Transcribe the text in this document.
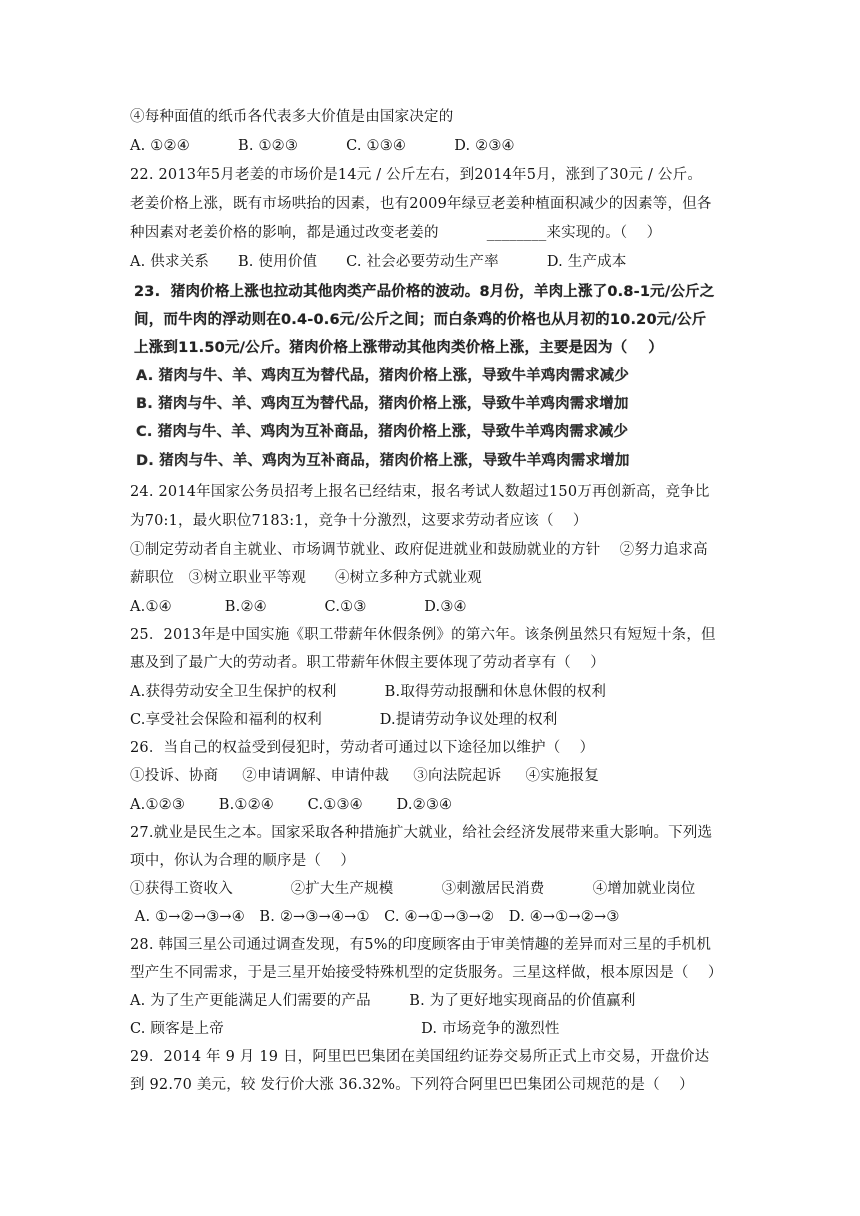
④每种面值的纸币各代表多大价值是由国家决定的
A. ①②④          B. ①②③          C. ①③④          D. ②③④
22. 2013年5月老姜的市场价是14元 / 公斤左右，到2014年5月，涨到了30元 / 公斤。
老姜价格上涨，既有市场哄抬的因素，也有2009年绿豆老姜种植面积减少的因素等，但各
种因素对老姜价格的影响，都是通过改变老姜的          ________来实现的。（    ）
A. 供求关系      B. 使用价值      C. 社会必要劳动生产率          D. 生产成本
23.  猪肉价格上涨也拉动其他肉类产品价格的波动。8月份，羊肉上涨了0.8-1元/公斤之
间，而牛肉的浮动则在0.4-0.6元/公斤之间；而白条鸡的价格也从月初的10.20元/公斤
上涨到11.50元/公斤。猪肉价格上涨带动其他肉类价格上涨，主要是因为（    ）
A. 猪肉与牛、羊、鸡肉互为替代品，猪肉价格上涨，导致牛羊鸡肉需求减少
B. 猪肉与牛、羊、鸡肉互为替代品，猪肉价格上涨，导致牛羊鸡肉需求增加
C. 猪肉与牛、羊、鸡肉为互补商品，猪肉价格上涨，导致牛羊鸡肉需求减少
D. 猪肉与牛、羊、鸡肉为互补商品，猪肉价格上涨，导致牛羊鸡肉需求增加
24. 2014年国家公务员招考上报名已经结束，报名考试人数超过150万再创新高，竞争比
为70:1，最火职位7183:1，竞争十分激烈，这要求劳动者应该（    ）
①制定劳动者自主就业、市场调节就业、政府促进就业和鼓励就业的方针    ②努力追求高
薪职位   ③树立职业平等观      ④树立多种方式就业观
A.①④           B.②④            C.①③            D.③④
25．2013年是中国实施《职工带薪年休假条例》的第六年。该条例虽然只有短短十条，但
惠及到了最广大的劳动者。职工带薪年休假主要体现了劳动者享有（    ）
A.获得劳动安全卫生保护的权利          B.取得劳动报酬和休息休假的权利
C.享受社会保险和福利的权利            D.提请劳动争议处理的权利
26．当自己的权益受到侵犯时，劳动者可通过以下途径加以维护（    ）
①投诉、协商     ②申请调解、申请仲裁     ③向法院起诉     ④实施报复
A.①②③       B.①②④       C.①③④       D.②③④
27.就业是民生之本。国家采取各种措施扩大就业，给社会经济发展带来重大影响。下列选
项中，你认为合理的顺序是（    ）
①获得工资收入            ②扩大生产规模          ③刺激居民消费          ④增加就业岗位
A. ①→②→③→④   B. ②→③→④→①   C. ④→①→③→②   D. ④→①→②→③
28. 韩国三星公司通过调查发现，有5%的印度顾客由于审美情趣的差异而对三星的手机机
型产生不同需求，于是三星开始接受特殊机型的定货服务。三星这样做，根本原因是（    ）
A. 为了生产更能满足人们需要的产品        B. 为了更好地实现商品的价值赢利
C. 顾客是上帝                                         D. 市场竞争的激烈性
29．2014 年 9 月 19 日，阿里巴巴集团在美国纽约证券交易所正式上市交易，开盘价达
到 92.70 美元，较 发行价大涨 36.32%。下列符合阿里巴巴集团公司规范的是（    ）
